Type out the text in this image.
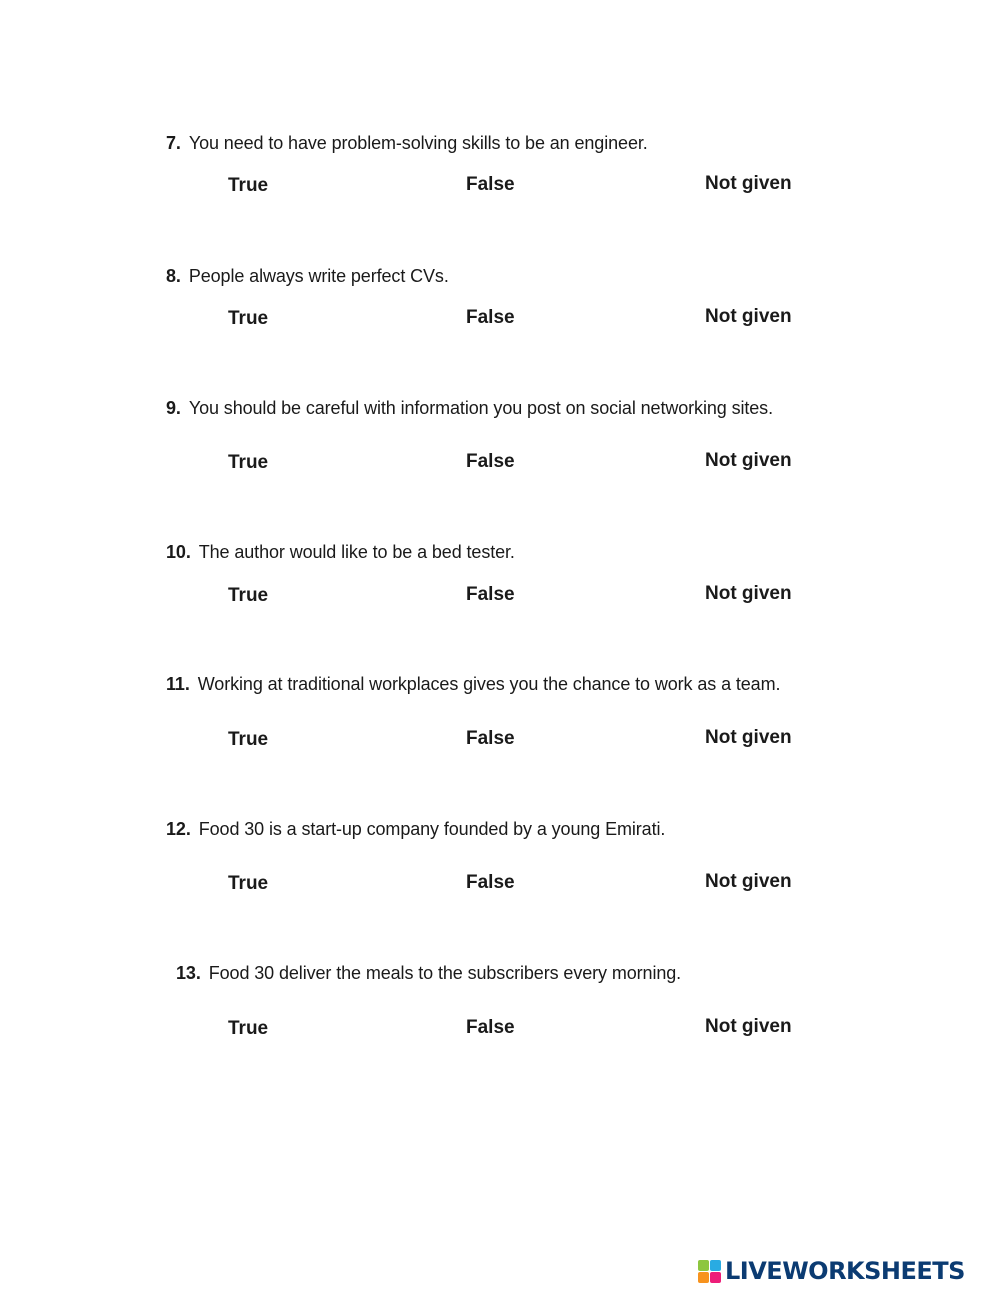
7. You need to have problem-solving skills to be an engineer.
True	False	Not given
8. People always write perfect CVs.
True	False	Not given
9. You should be careful with information you post on social networking sites.
True	False	Not given
10. The author would like to be a bed tester.
True	False	Not given
11. Working at traditional workplaces gives you the chance to work as a team.
True	False	Not given
12. Food 30 is a start-up company founded by a young Emirati.
True	False	Not given
13. Food 30 deliver the meals to the subscribers every morning.
True	False	Not given
LIVEWORKSHEETS
